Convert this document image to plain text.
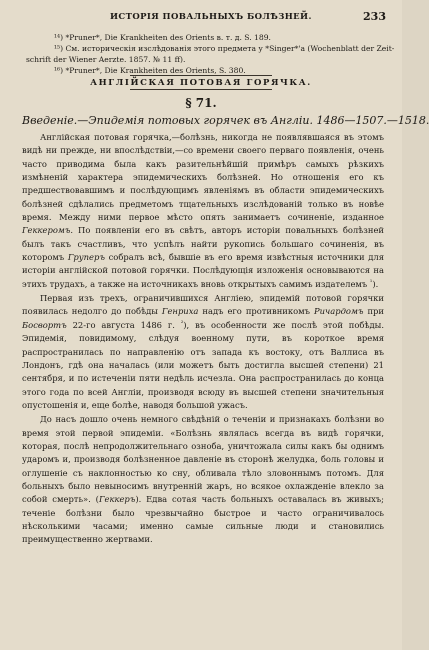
ИСТОРІЯ ПОВАЛЬНЫХЪ БОЛѢЗНЕЙ.	233
¹⁴) *Pruner*, Die Krankheiten des Orients в. т. д. S. 189.
¹⁵) См. историческія изслѣдованія этого предмета у *Singer*'а (Wochenblatt der Zeit-
schrift der Wiener Aerzte. 1857. № 11 ff).
¹⁶) *Pruner*, Die Krankheiten des Orients, S. 380.
АНГЛІЙСКАЯ ПОТОВАЯ ГОРЯЧКА.
§ 71.
Введеніе.—Эпидемія потовых горячек въ Англіи. 1486—1507.—1518.

Англійская потовая горячка,—болѣзнь, никогда не появлявшаяся въ этомъ видѣ ни прежде, ни впослѣдствіи,—со времени своего перваго появленія, очень часто приводима была какъ разительнѣйшій примѣръ самыхъ рѣзкихъ измѣненій характера эпидемическихъ болѣзней. Но отношенія его къ предшествовавшимъ и послѣдующимъ явленіямъ въ области эпидемическихъ болѣзней сдѣлались предметомъ тщательныхъ изслѣдованій только въ новѣе время. Между ними первое мѣсто опять занимаетъ сочиненіе, изданное Геккеромъ. По появленіи его въ свѣтъ, авторъ исторіи повальныхъ болѣзней былъ такъ счастливъ, что успѣлъ найти рукопись большаго сочиненія, въ которомъ Груперъ собралъ всѣ, бывшіе въ его время извѣстныя источники для исторіи англійской потовой горячки. Послѣдующія изложенія основываются на этихъ трудахъ, а также на источникахъ вновь открытыхъ самимъ издателемъ $^{^1}$).

Первая изъ трехъ, ограничившихся Англіею, эпидемій потовой горячки появилась недолго до побѣды Генриха надъ его противникомъ Ричардомъ при Босвортъ 22-го августа 1486 г. $^{^2}$), въ особенности же послѣ этой побѣды. Эпидемія, повидимому, слѣдуя военному пути, въ короткое время распространилась по направленію отъ запада къ востоку, отъ Валлиса въ Лондонъ, гдѣ она началась (или можетъ быть достигла высшей степени) 21 сентября, и по истеченіи пяти недѣль исчезла. Она распространилась до конца этого года по всей Англіи, производя всюду въ высшей степени значительныя опустошенія и, еще болѣе, наводя большой ужасъ.

До насъ дошло очень немного свѣдѣній о теченіи и признакахъ болѣзни во время этой первой эпидеміи. «Болѣзнь являлась всегда въ видѣ горячки, которая, послѣ непродолжительнаго озноба, уничтожала силы какъ бы однимъ ударомъ и, производя болѣзненное давленіе въ сторонѣ желудка, боль головы и оглушеніе съ наклонностью ко сну, обливала тѣло зловоннымъ потомъ. Для больныхъ было невыносимъ внутренній жаръ, но всякое охлажденіе влекло за собой смерть». (Геккеръ). Едва сотая часть больныхъ оставалась въ живыхъ; теченіе болѣзни было чрезвычайно быстрое и часто ограничивалось нѣсколькими часами; именно самые сильные люди и становились преимущественно жертвами.
